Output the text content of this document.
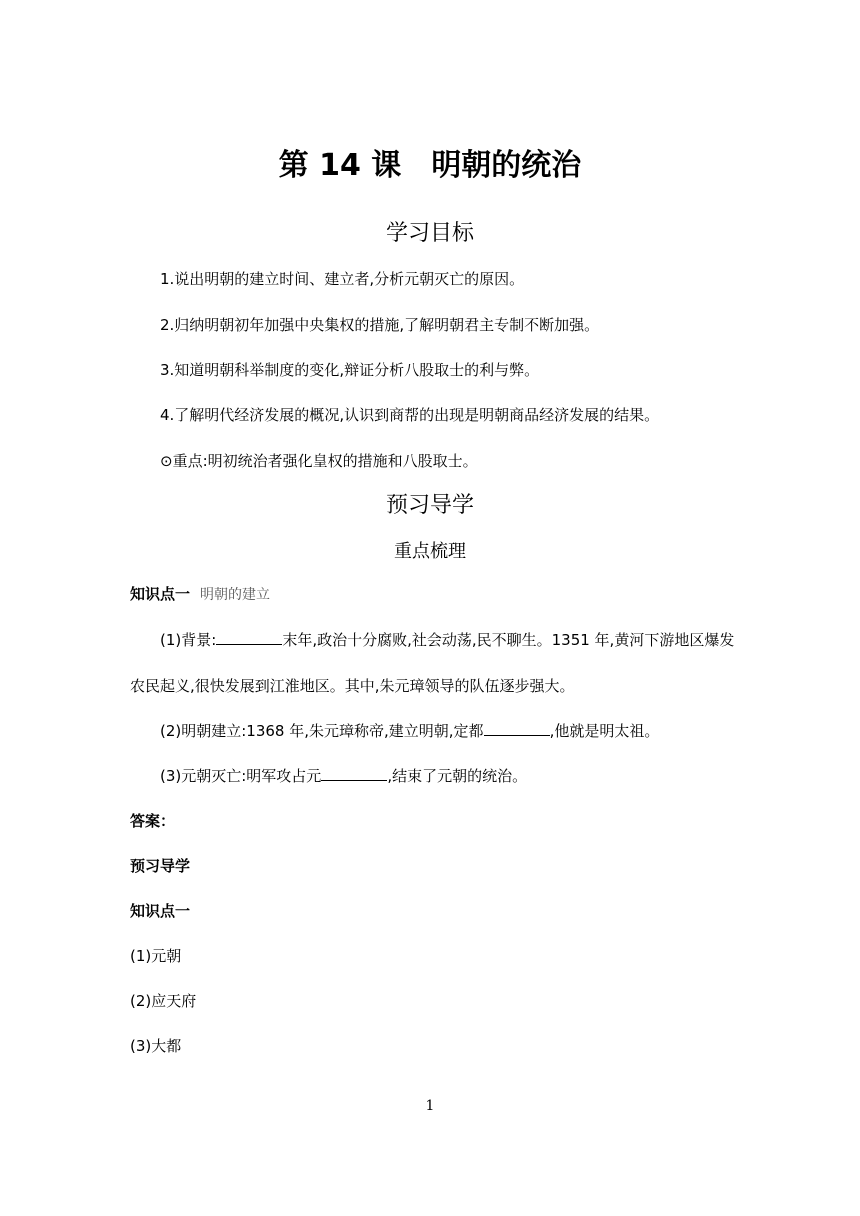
第 14 课 明朝的统治
学习目标
1.说出明朝的建立时间、建立者,分析元朝灭亡的原因。
2.归纳明朝初年加强中央集权的措施,了解明朝君主专制不断加强。
3.知道明朝科举制度的变化,辩证分析八股取士的利与弊。
4.了解明代经济发展的概况,认识到商帮的出现是明朝商品经济发展的结果。
⊙重点:明初统治者强化皇权的措施和八股取士。
预习导学
重点梳理
知识点一 明朝的建立
(1)背景:	末年,政治十分腐败,社会动荡,民不聊生。1351 年,黄河下游地区爆发
农民起义,很快发展到江淮地区。其中,朱元璋领导的队伍逐步强大。
(2)明朝建立:1368 年,朱元璋称帝,建立明朝,定都	,他就是明太祖。
(3)元朝灭亡:明军攻占元	,结束了元朝的统治。
答案：
预习导学
知识点一
(1)元朝
(2)应天府
(3)大都
1
